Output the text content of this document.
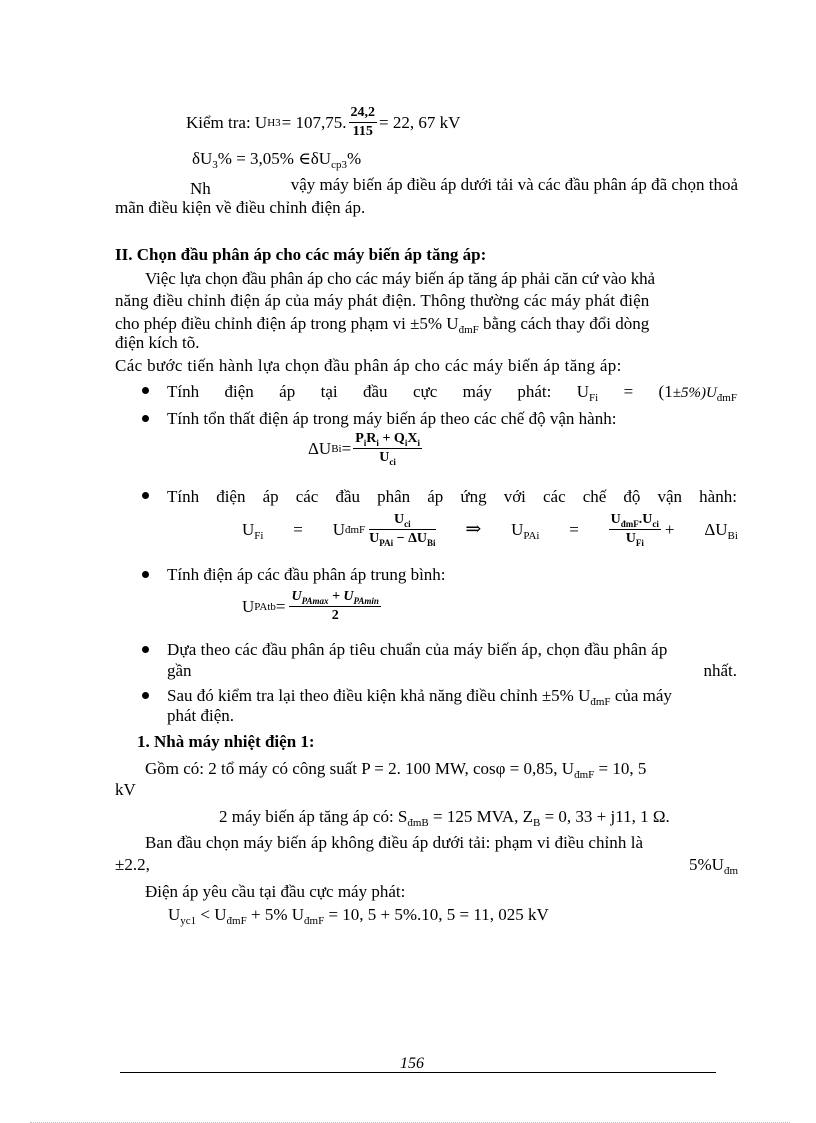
Kiểm tra: U H3 = 107,75. $\frac{24,2}{115} = 22$, 67 kV
$\delta U_3\% = 3,05\%$ $\in\delta U_{cp3}\%$
Nh	vậy máy biến áp điều áp dưới tải và các đầu phân áp đã chọn thoả
mãn điều kiện về điều chỉnh điện áp.
II. Chọn đầu phân áp cho các máy biến áp tăng áp:
Việc lựa chọn đầu phân áp cho các máy biến áp tăng áp phải căn cứ vào khả
năng điều chỉnh điện áp của máy phát điện. Thông thường các máy phát điện
cho phép điều chỉnh điện áp trong phạm vi ±5% $U_{đmF}$ bằng cách thay đổi dòng
điện kích tõ.
Các bước tiến hành lựa chọn đầu phân áp cho các máy biến áp tăng áp:
Tính điện áp tại đầu cực máy phát: $U_{Fi} = (1\pm 5\%)U_{đmF}$
Tính tổn thất điện áp trong máy biến áp theo các chế độ vận hành:
ΔU $Bi = \frac{P_iR_i + Q_iX_i}{U_{ci}}$
Tính điện áp các đầu phân áp ứng với các chế độ vận hành:
$U_{Fi} = U$ đmF $\frac{U_{ci}}{U_{PAi} - \Delta U_{Bi}}$ ⇒ $U_{PAi} = \frac{U_{đmF}.U_{ci}}{U_{Fi}} + \Delta U_{Bi}$
Tính điện áp các đầu phân áp trung bình:
U PAtb = $\frac{U_{PAmax} + U_{PAmin}}{2}$
Dựa theo các đầu phân áp tiêu chuẩn của máy biến áp, chọn đầu phân áp
gần	nhất.
Sau đó kiểm tra lại theo điều kiện khả năng điều chỉnh ±5% $U_{đmF}$ của máy
phát điện.
1. Nhà máy nhiệt điện 1:
Gồm có: 2 tổ máy có công suất P = 2. 100 MW, cosφ = 0,85, $U_{đmF} = 10$, 5
kV
2 máy biến áp tăng áp có: $S_{đmB} = 125$ MVA, $Z_B = 0$, 33 + j11, 1 Ω.
Ban đầu chọn máy biến áp không điều áp dưới tải: phạm vi điều chỉnh là
±2.2,	$5\%U_{đm}$
Điện áp yêu cầu tại đầu cực máy phát:
$U_{yc1} < U_{đmF} + 5\%$ $U_{đmF} = 10$, 5 + 5%.10, 5 = 11, 025 kV
156
